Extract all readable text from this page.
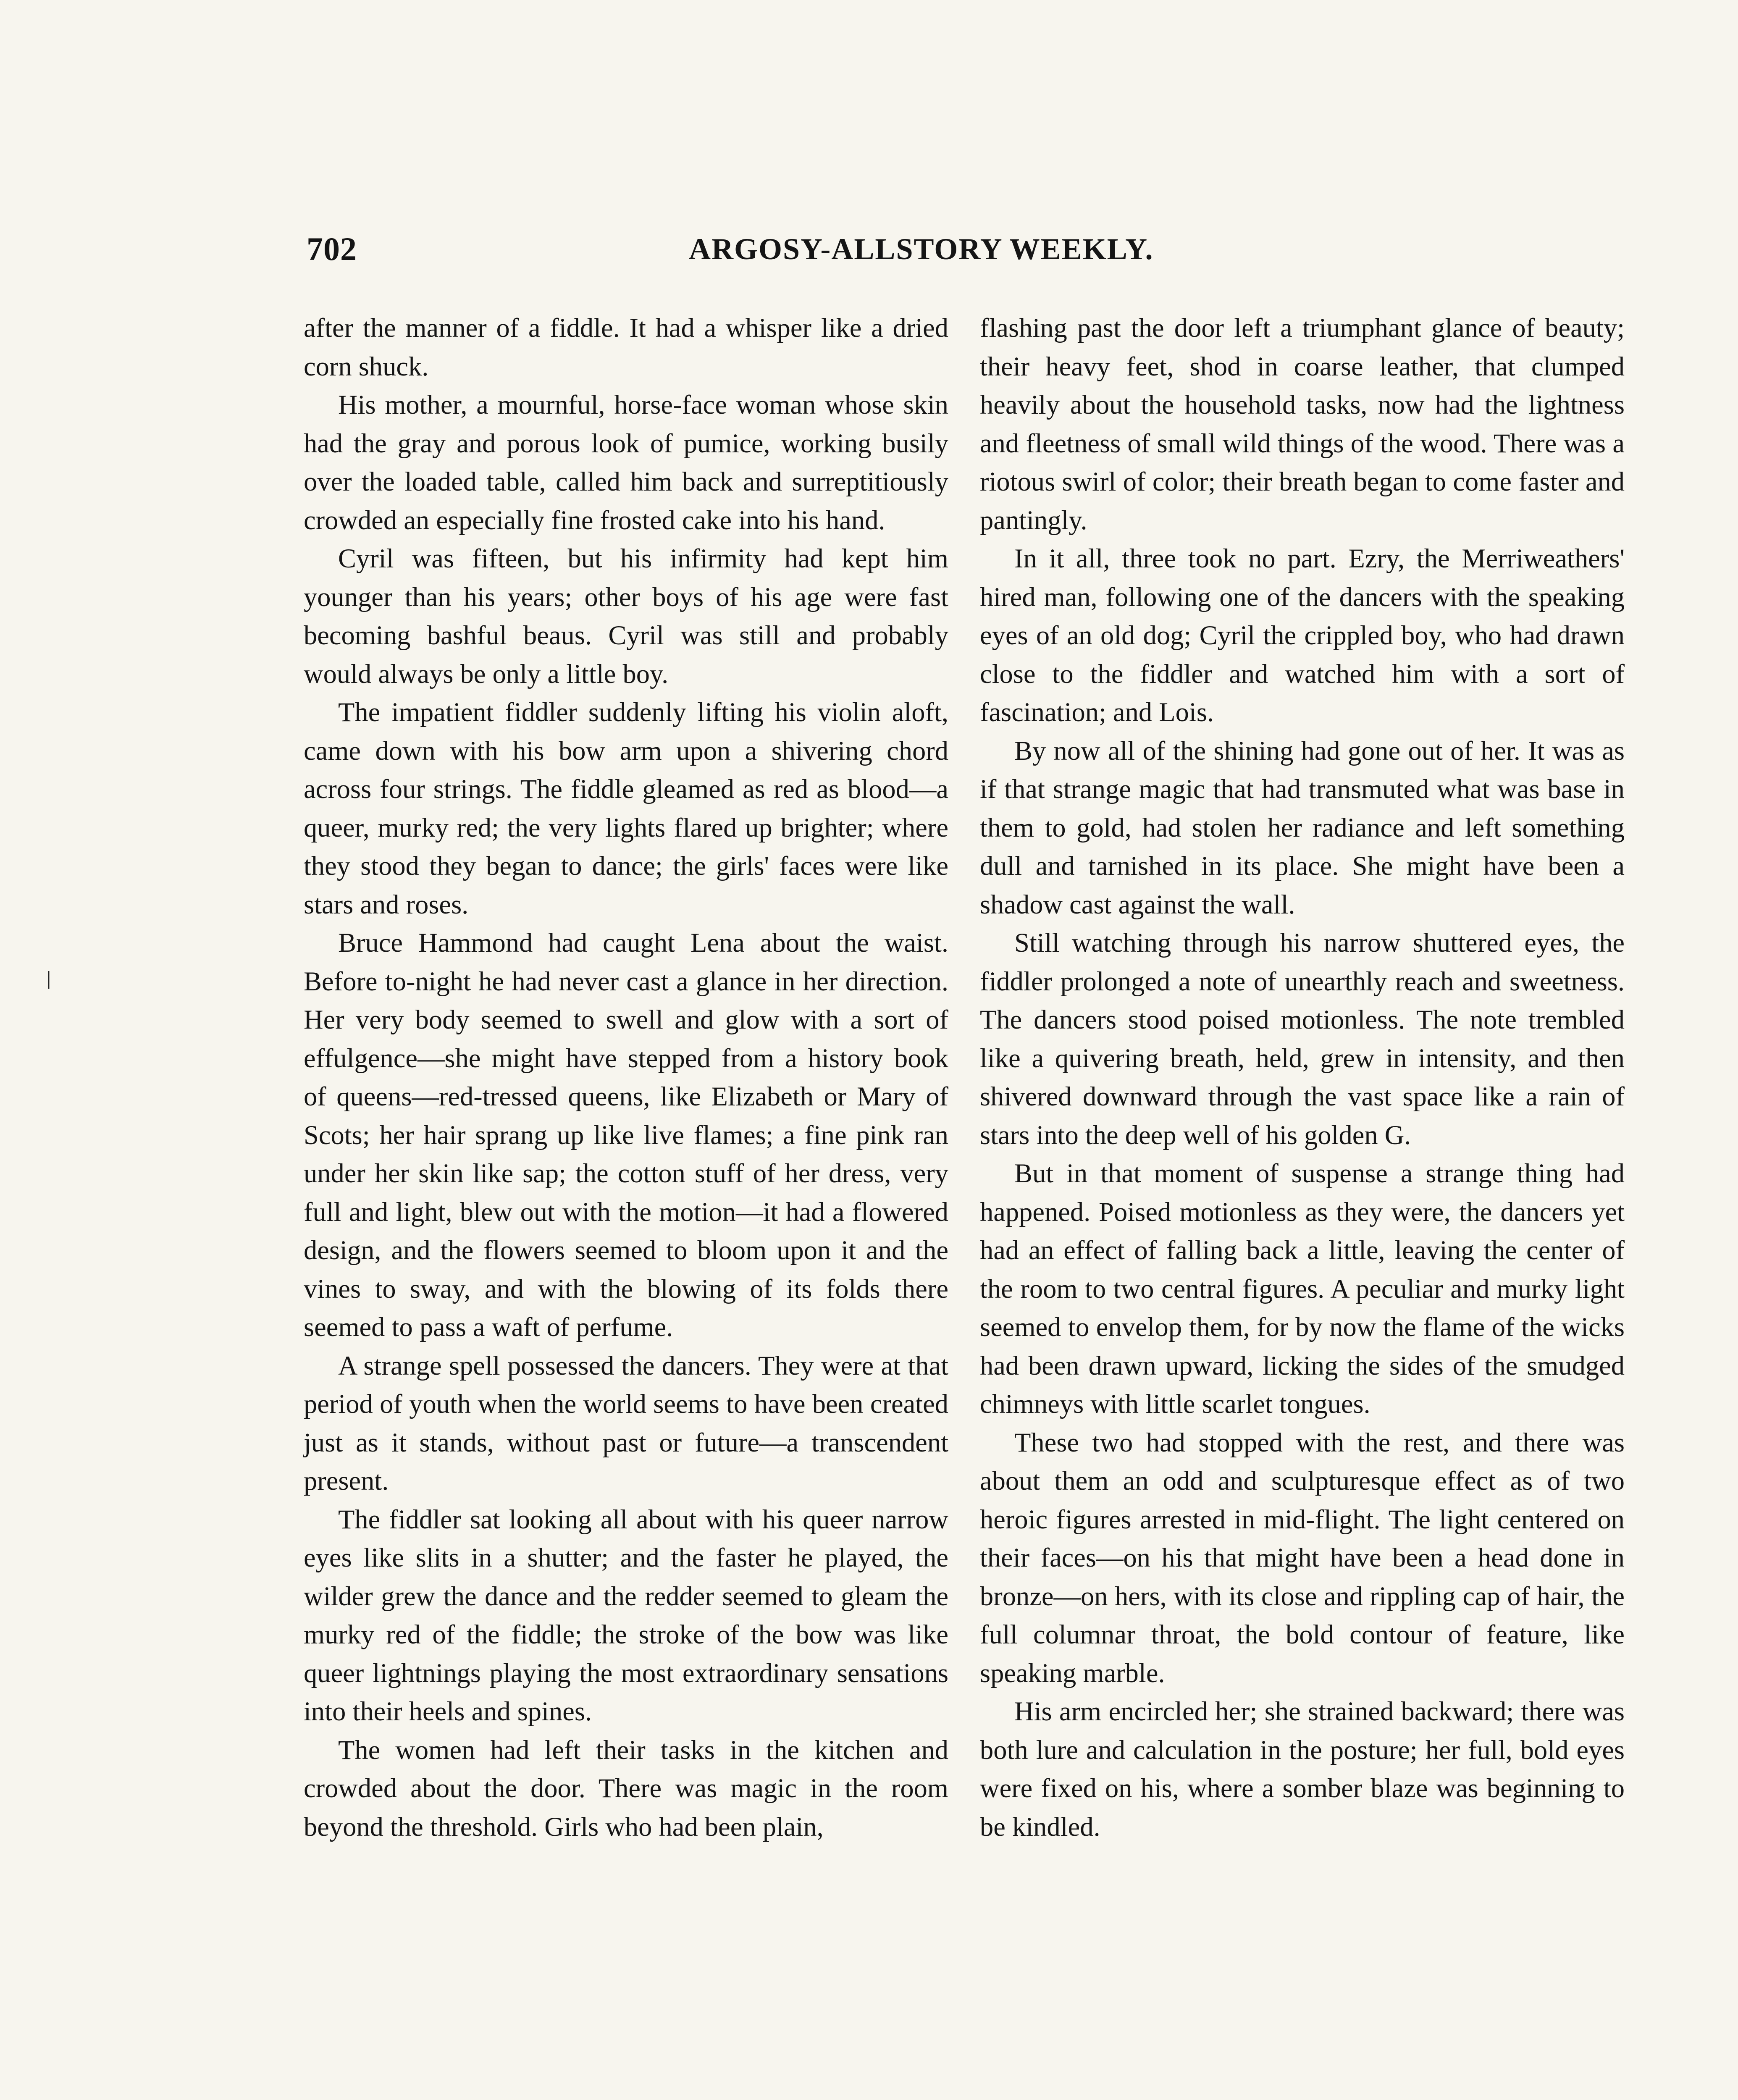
702	ARGOSY-ALLSTORY WEEKLY.

after the manner of a fiddle. It had a whisper like a dried corn shuck.

His mother, a mournful, horse-face woman whose skin had the gray and porous look of pumice, working busily over the loaded table, called him back and surreptitiously crowded an especially fine frosted cake into his hand.

Cyril was fifteen, but his infirmity had kept him younger than his years; other boys of his age were fast becoming bashful beaus. Cyril was still and probably would always be only a little boy.

The impatient fiddler suddenly lifting his violin aloft, came down with his bow arm upon a shivering chord across four strings. The fiddle gleamed as red as blood—a queer, murky red; the very lights flared up brighter; where they stood they began to dance; the girls' faces were like stars and roses.

Bruce Hammond had caught Lena about the waist. Before to-night he had never cast a glance in her direction. Her very body seemed to swell and glow with a sort of effulgence—she might have stepped from a history book of queens—red-tressed queens, like Elizabeth or Mary of Scots; her hair sprang up like live flames; a fine pink ran under her skin like sap; the cotton stuff of her dress, very full and light, blew out with the motion—it had a flowered design, and the flowers seemed to bloom upon it and the vines to sway, and with the blowing of its folds there seemed to pass a waft of perfume.

A strange spell possessed the dancers. They were at that period of youth when the world seems to have been created just as it stands, without past or future—a transcendent present.

The fiddler sat looking all about with his queer narrow eyes like slits in a shutter; and the faster he played, the wilder grew the dance and the redder seemed to gleam the murky red of the fiddle; the stroke of the bow was like queer lightnings playing the most extraordinary sensations into their heels and spines.

The women had left their tasks in the kitchen and crowded about the door. There was magic in the room beyond the threshold. Girls who had been plain,

flashing past the door left a triumphant glance of beauty; their heavy feet, shod in coarse leather, that clumped heavily about the household tasks, now had the lightness and fleetness of small wild things of the wood. There was a riotous swirl of color; their breath began to come faster and pantingly.

In it all, three took no part. Ezry, the Merriweathers' hired man, following one of the dancers with the speaking eyes of an old dog; Cyril the crippled boy, who had drawn close to the fiddler and watched him with a sort of fascination; and Lois.

By now all of the shining had gone out of her. It was as if that strange magic that had transmuted what was base in them to gold, had stolen her radiance and left something dull and tarnished in its place. She might have been a shadow cast against the wall.

Still watching through his narrow shuttered eyes, the fiddler prolonged a note of unearthly reach and sweetness. The dancers stood poised motionless. The note trembled like a quivering breath, held, grew in intensity, and then shivered downward through the vast space like a rain of stars into the deep well of his golden G.

But in that moment of suspense a strange thing had happened. Poised motionless as they were, the dancers yet had an effect of falling back a little, leaving the center of the room to two central figures. A peculiar and murky light seemed to envelop them, for by now the flame of the wicks had been drawn upward, licking the sides of the smudged chimneys with little scarlet tongues.

These two had stopped with the rest, and there was about them an odd and sculpturesque effect as of two heroic figures arrested in mid-flight. The light centered on their faces—on his that might have been a head done in bronze—on hers, with its close and rippling cap of hair, the full columnar throat, the bold contour of feature, like speaking marble.

His arm encircled her; she strained backward; there was both lure and calculation in the posture; her full, bold eyes were fixed on his, where a somber blaze was beginning to be kindled.

ǀ
